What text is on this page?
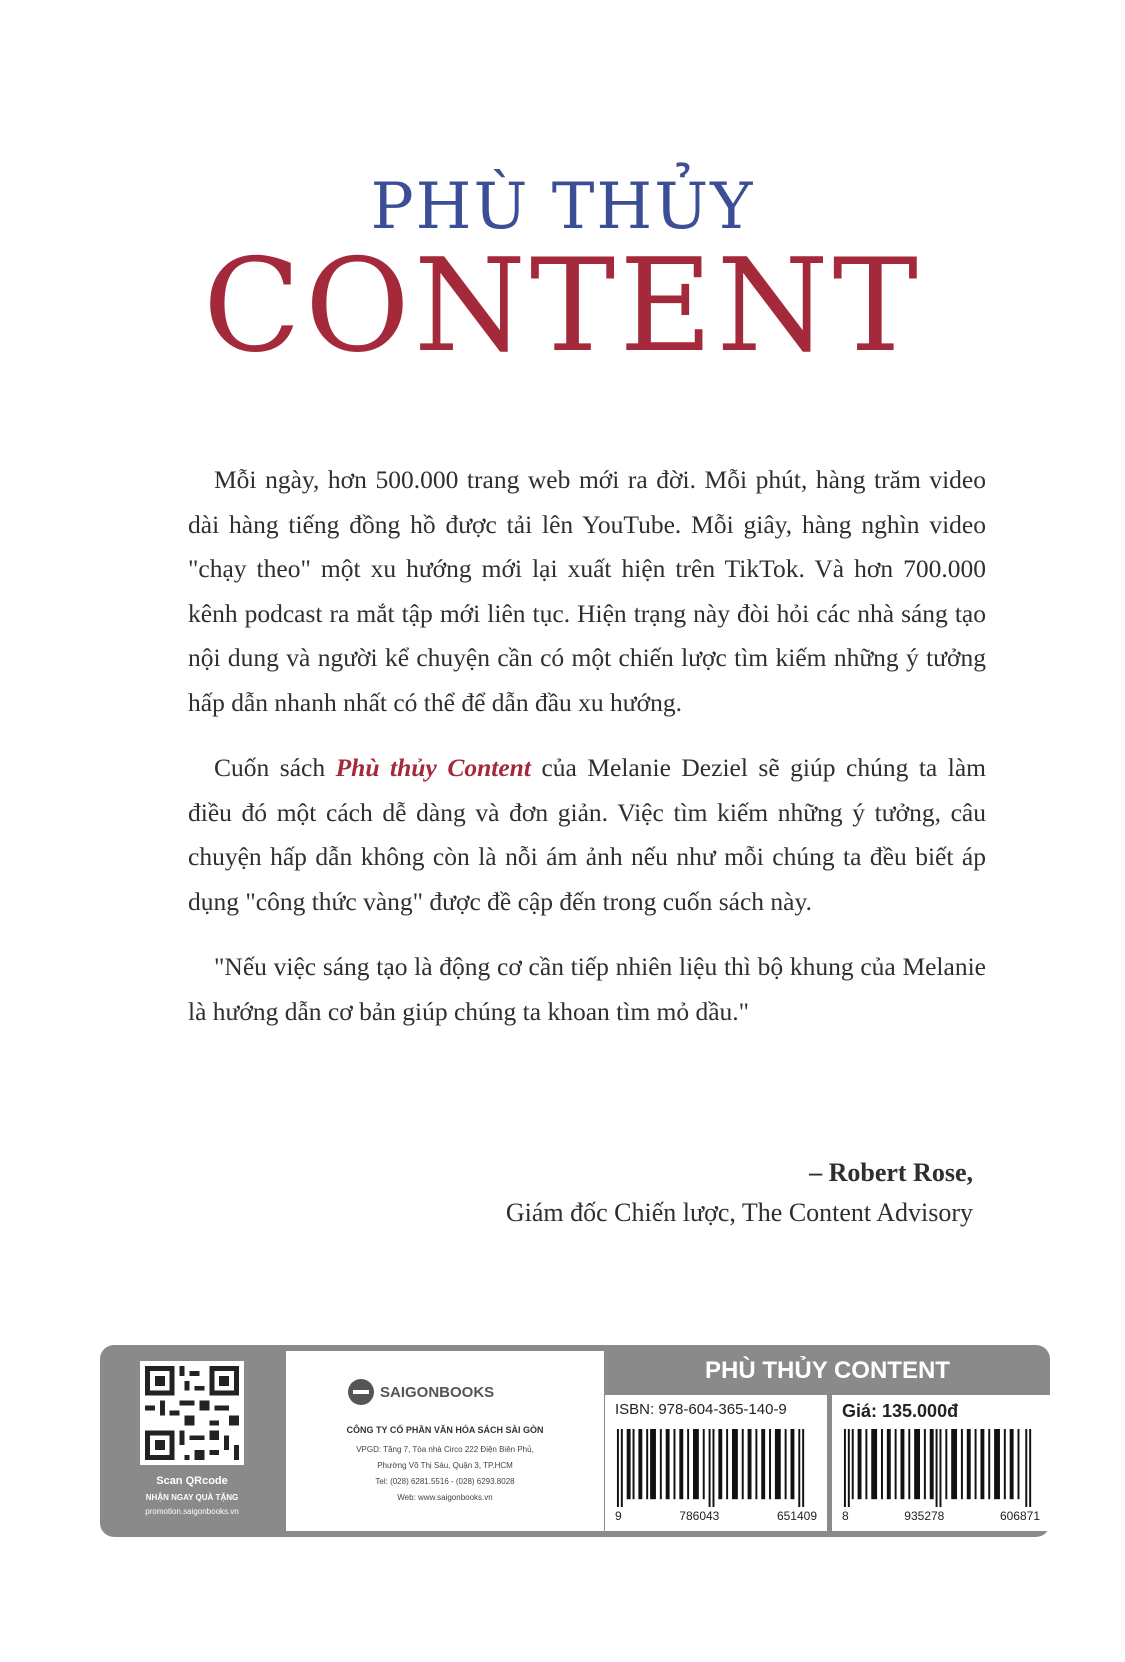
PHÙ THỦY
CONTENT

Mỗi ngày, hơn 500.000 trang web mới ra đời. Mỗi phút, hàng trăm video dài hàng tiếng đồng hồ được tải lên YouTube. Mỗi giây, hàng nghìn video "chạy theo" một xu hướng mới lại xuất hiện trên TikTok. Và hơn 700.000 kênh podcast ra mắt tập mới liên tục. Hiện trạng này đòi hỏi các nhà sáng tạo nội dung và người kể chuyện cần có một chiến lược tìm kiếm những ý tưởng hấp dẫn nhanh nhất có thể để dẫn đầu xu hướng.

Cuốn sách Phù thủy Content của Melanie Deziel sẽ giúp chúng ta làm điều đó một cách dễ dàng và đơn giản. Việc tìm kiếm những ý tưởng, câu chuyện hấp dẫn không còn là nỗi ám ảnh nếu như mỗi chúng ta đều biết áp dụng "công thức vàng" được đề cập đến trong cuốn sách này.

"Nếu việc sáng tạo là động cơ cần tiếp nhiên liệu thì bộ khung của Melanie là hướng dẫn cơ bản giúp chúng ta khoan tìm mỏ dầu."

– Robert Rose,
Giám đốc Chiến lược, The Content Advisory
Scan QRcode
NHẬN NGAY QUÀ TẶNG
promotion.saigonbooks.vn
SAIGONBOOKS
CÔNG TY CỔ PHẦN VĂN HÓA SÁCH SÀI GÒN
VPGD: Tầng 7, Tòa nhà Circo 222 Điện Biên Phủ,
Phường Võ Thị Sáu, Quận 3, TP.HCM
Tel: (028) 6281.5516 - (028) 6293.8028
Web: www.saigonbooks.vn
PHÙ THỦY CONTENT
ISBN: 978-604-365-140-9
9	786043	651409
Giá: 135.000đ
8	935278	606871
